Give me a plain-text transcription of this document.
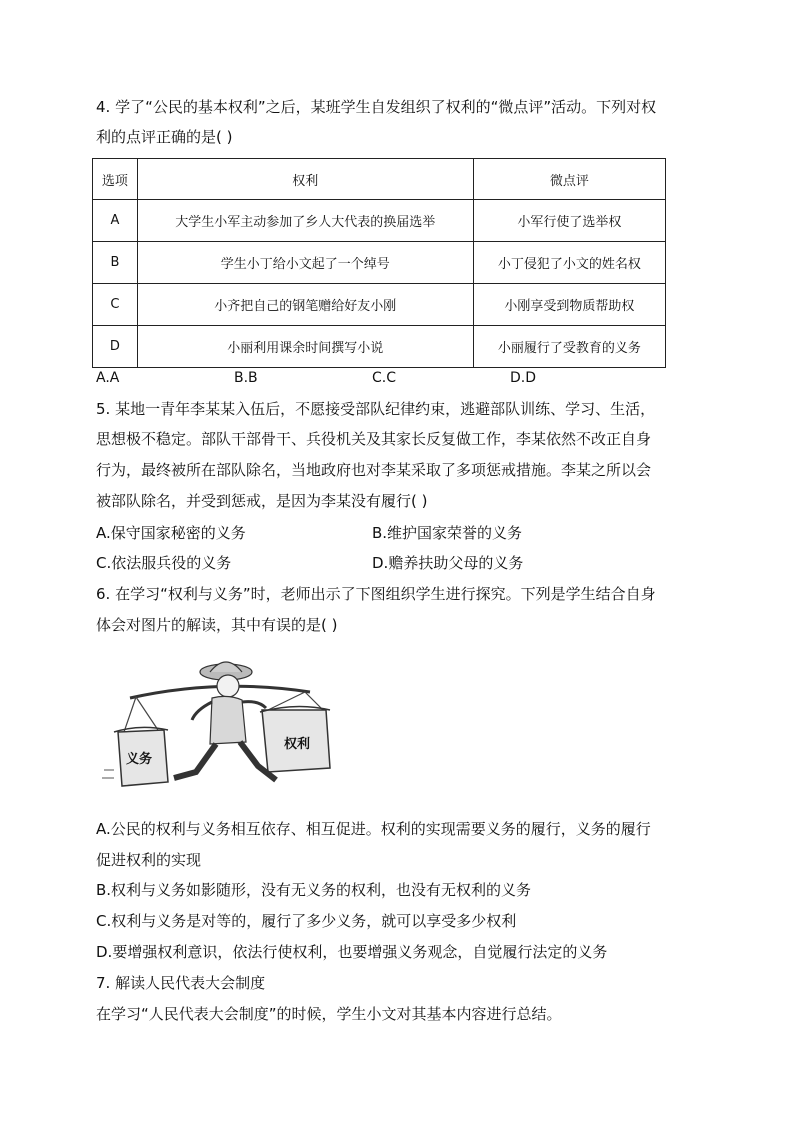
4. 学了“公民的基本权利”之后，某班学生自发组织了权利的“微点评”活动。下列对权
利的点评正确的是( )
选项	权利	微点评
A	大学生小军主动参加了乡人大代表的换届选举	小军行使了选举权
B	学生小丁给小文起了一个绰号	小丁侵犯了小文的姓名权
C	小齐把自己的钢笔赠给好友小刚	小刚享受到物质帮助权
D	小丽利用课余时间撰写小说	小丽履行了受教育的义务
A.A	B.B	C.C	D.D
5. 某地一青年李某某入伍后，不愿接受部队纪律约束，逃避部队训练、学习、生活，
思想极不稳定。部队干部骨干、兵役机关及其家长反复做工作，李某依然不改正自身
行为，最终被所在部队除名，当地政府也对李某采取了多项惩戒措施。李某之所以会
被部队除名，并受到惩戒，是因为李某没有履行( )
A.保守国家秘密的义务	B.维护国家荣誉的义务
C.依法服兵役的义务	D.赡养扶助父母的义务
6. 在学习“权利与义务”时，老师出示了下图组织学生进行探究。下列是学生结合自身
体会对图片的解读，其中有误的是( )
义务
权利
A.公民的权利与义务相互依存、相互促进。权利的实现需要义务的履行，义务的履行
促进权利的实现
B.权利与义务如影随形，没有无义务的权利，也没有无权利的义务
C.权利与义务是对等的，履行了多少义务，就可以享受多少权利
D.要增强权利意识，依法行使权利，也要增强义务观念，自觉履行法定的义务
7. 解读人民代表大会制度
在学习“人民代表大会制度”的时候，学生小文对其基本内容进行总结。
